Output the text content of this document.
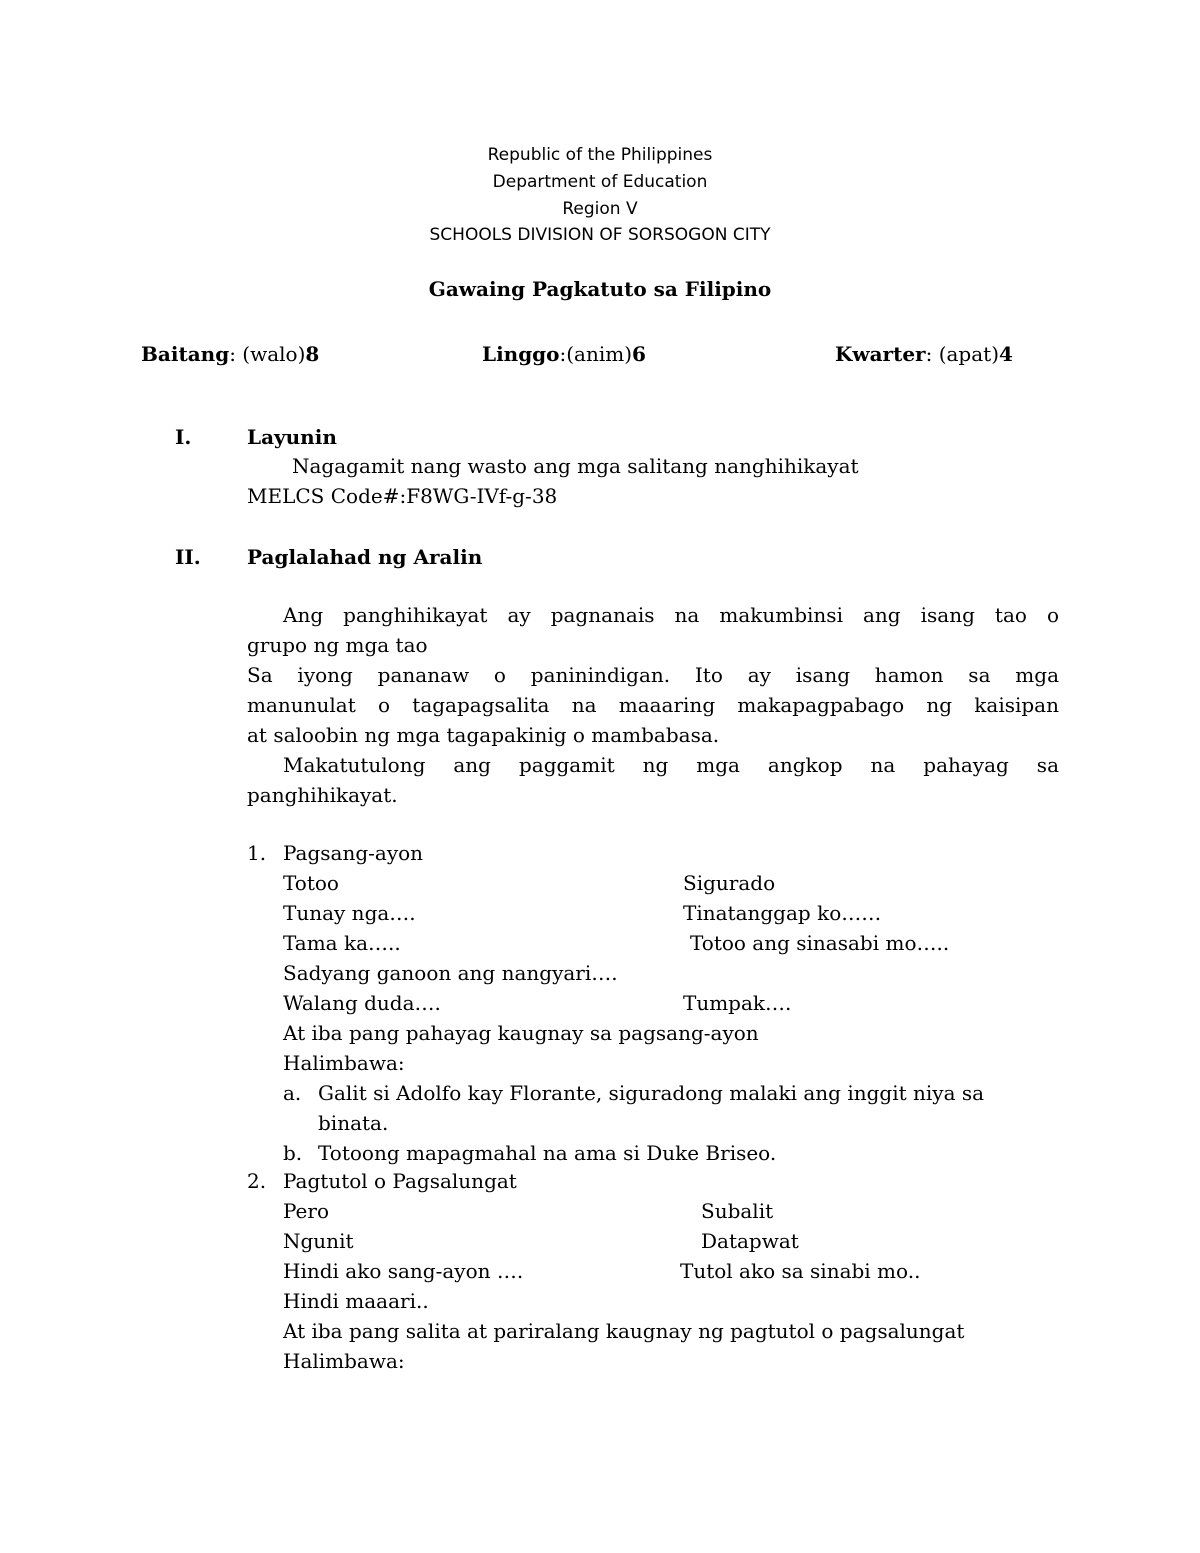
Republic of the Philippines
Department of Education
Region V
SCHOOLS DIVISION OF SORSOGON CITY
Gawaing Pagkatuto sa Filipino
Baitang: (walo)8	Linggo:(anim)6	Kwarter: (apat)4
I.	Layunin
Nagagamit nang wasto ang mga salitang nanghihikayat
MELCS Code#:F8WG-IVf-g-38
II. Paglalahad ng Aralin
Ang panghihikayat ay pagnanais na makumbinsi ang isang tao o
grupo ng mga tao
Sa iyong pananaw o paninindigan. Ito ay isang hamon sa mga
manunulat o tagapagsalita na maaaring makapagpabago ng kaisipan
at saloobin ng mga tagapakinig o mambabasa.
Makatutulong ang paggamit ng mga angkop na pahayag sa
panghihikayat.
1. Pagsang-ayon
Totoo	Sigurado
Tunay nga….	Tinatanggap ko……
Tama ka…..	Totoo ang sinasabi mo…..
Sadyang ganoon ang nangyari….
Walang duda….	Tumpak….
At iba pang pahayag kaugnay sa pagsang-ayon
Halimbawa:
a. Galit si Adolfo kay Florante, siguradong malaki ang inggit niya sa
binata.
b. Totoong mapagmahal na ama si Duke Briseo.
2. Pagtutol o Pagsalungat
Pero	Subalit
Ngunit	Datapwat
Hindi ako sang-ayon ….	Tutol ako sa sinabi mo..
Hindi maaari..
At iba pang salita at pariralang kaugnay ng pagtutol o pagsalungat
Halimbawa:
